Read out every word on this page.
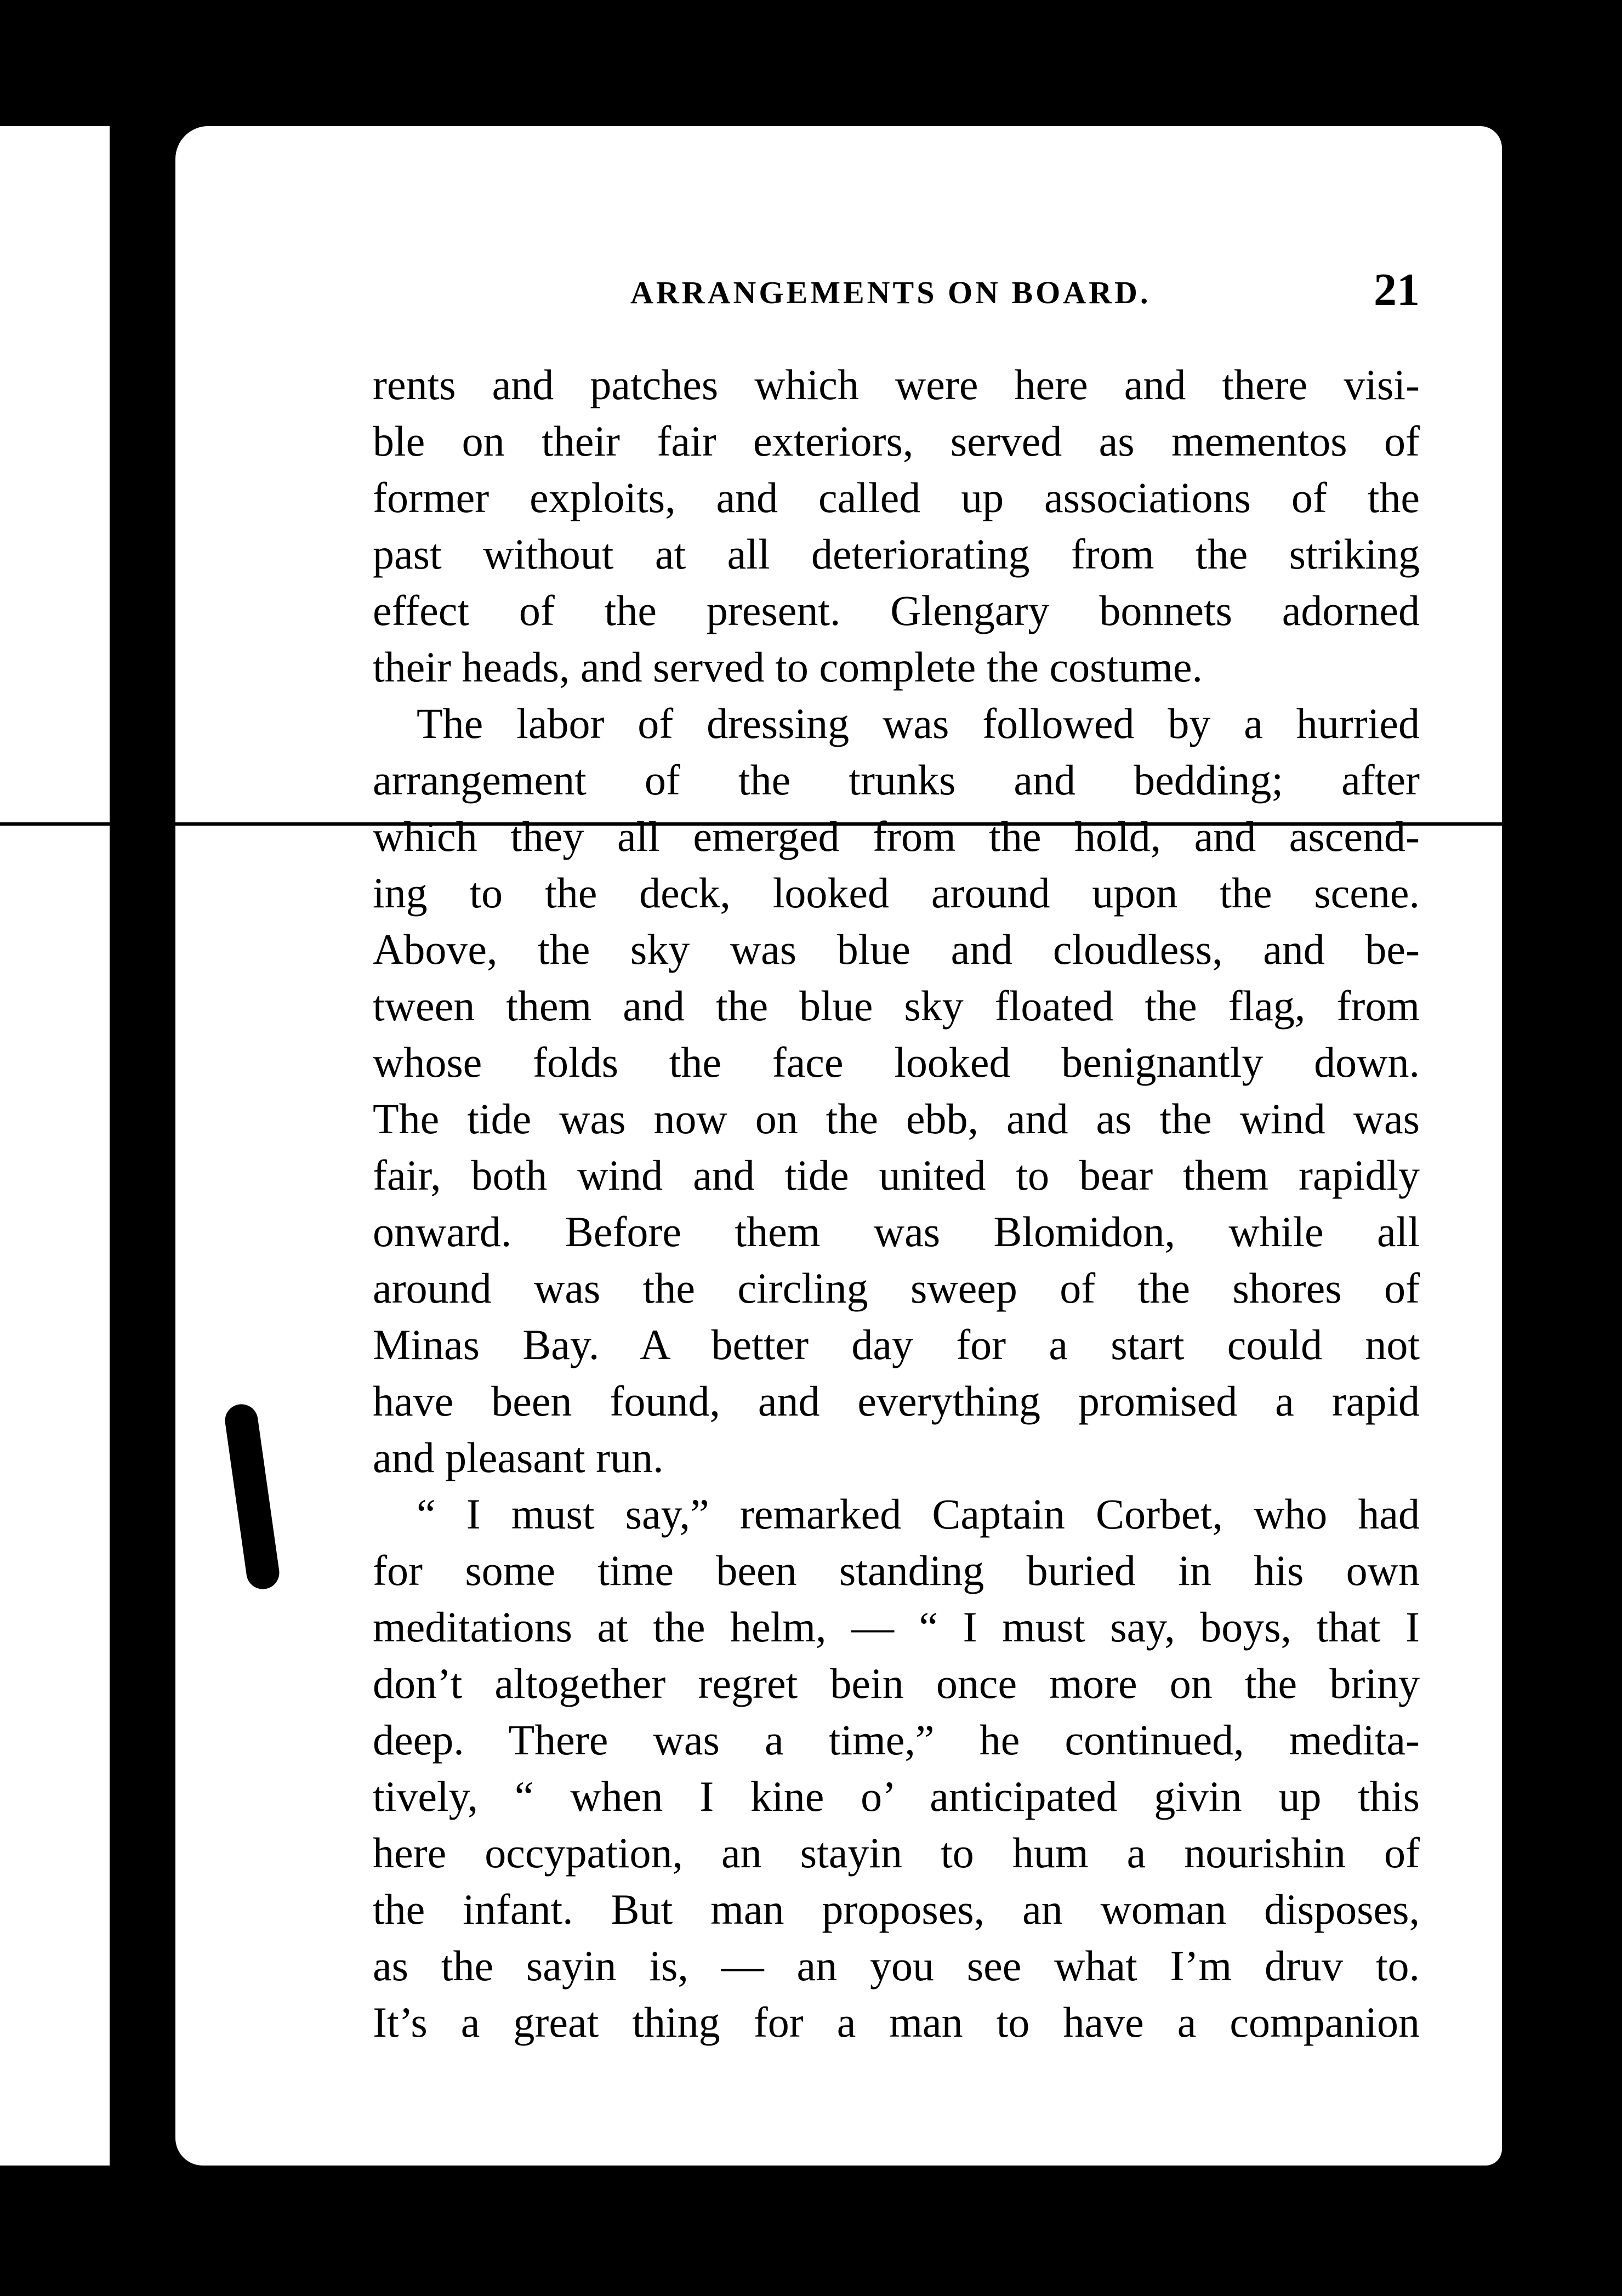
ARRANGEMENTS ON BOARD.	21
rents and patches which were here and there visi-
ble on their fair exteriors, served as mementos of
former exploits, and called up associations of the
past without at all deteriorating from the striking
effect of the present. Glengary bonnets adorned
their heads, and served to complete the costume.
The labor of dressing was followed by a hurried
arrangement of the trunks and bedding; after
which they all emerged from the hold, and ascend-
ing to the deck, looked around upon the scene.
Above, the sky was blue and cloudless, and be-
tween them and the blue sky floated the flag, from
whose folds the face looked benignantly down.
The tide was now on the ebb, and as the wind was
fair, both wind and tide united to bear them rapidly
onward. Before them was Blomidon, while all
around was the circling sweep of the shores of
Minas Bay. A better day for a start could not
have been found, and everything promised a rapid
and pleasant run.
“ I must say,” remarked Captain Corbet, who had
for some time been standing buried in his own
meditations at the helm, — “ I must say, boys, that I
don’t altogether regret bein once more on the briny
deep. There was a time,” he continued, medita-
tively, “ when I kine o’ anticipated givin up this
here occypation, an stayin to hum a nourishin of
the infant. But man proposes, an woman disposes,
as the sayin is, — an you see what I’m druv to.
It’s a great thing for a man to have a companion
